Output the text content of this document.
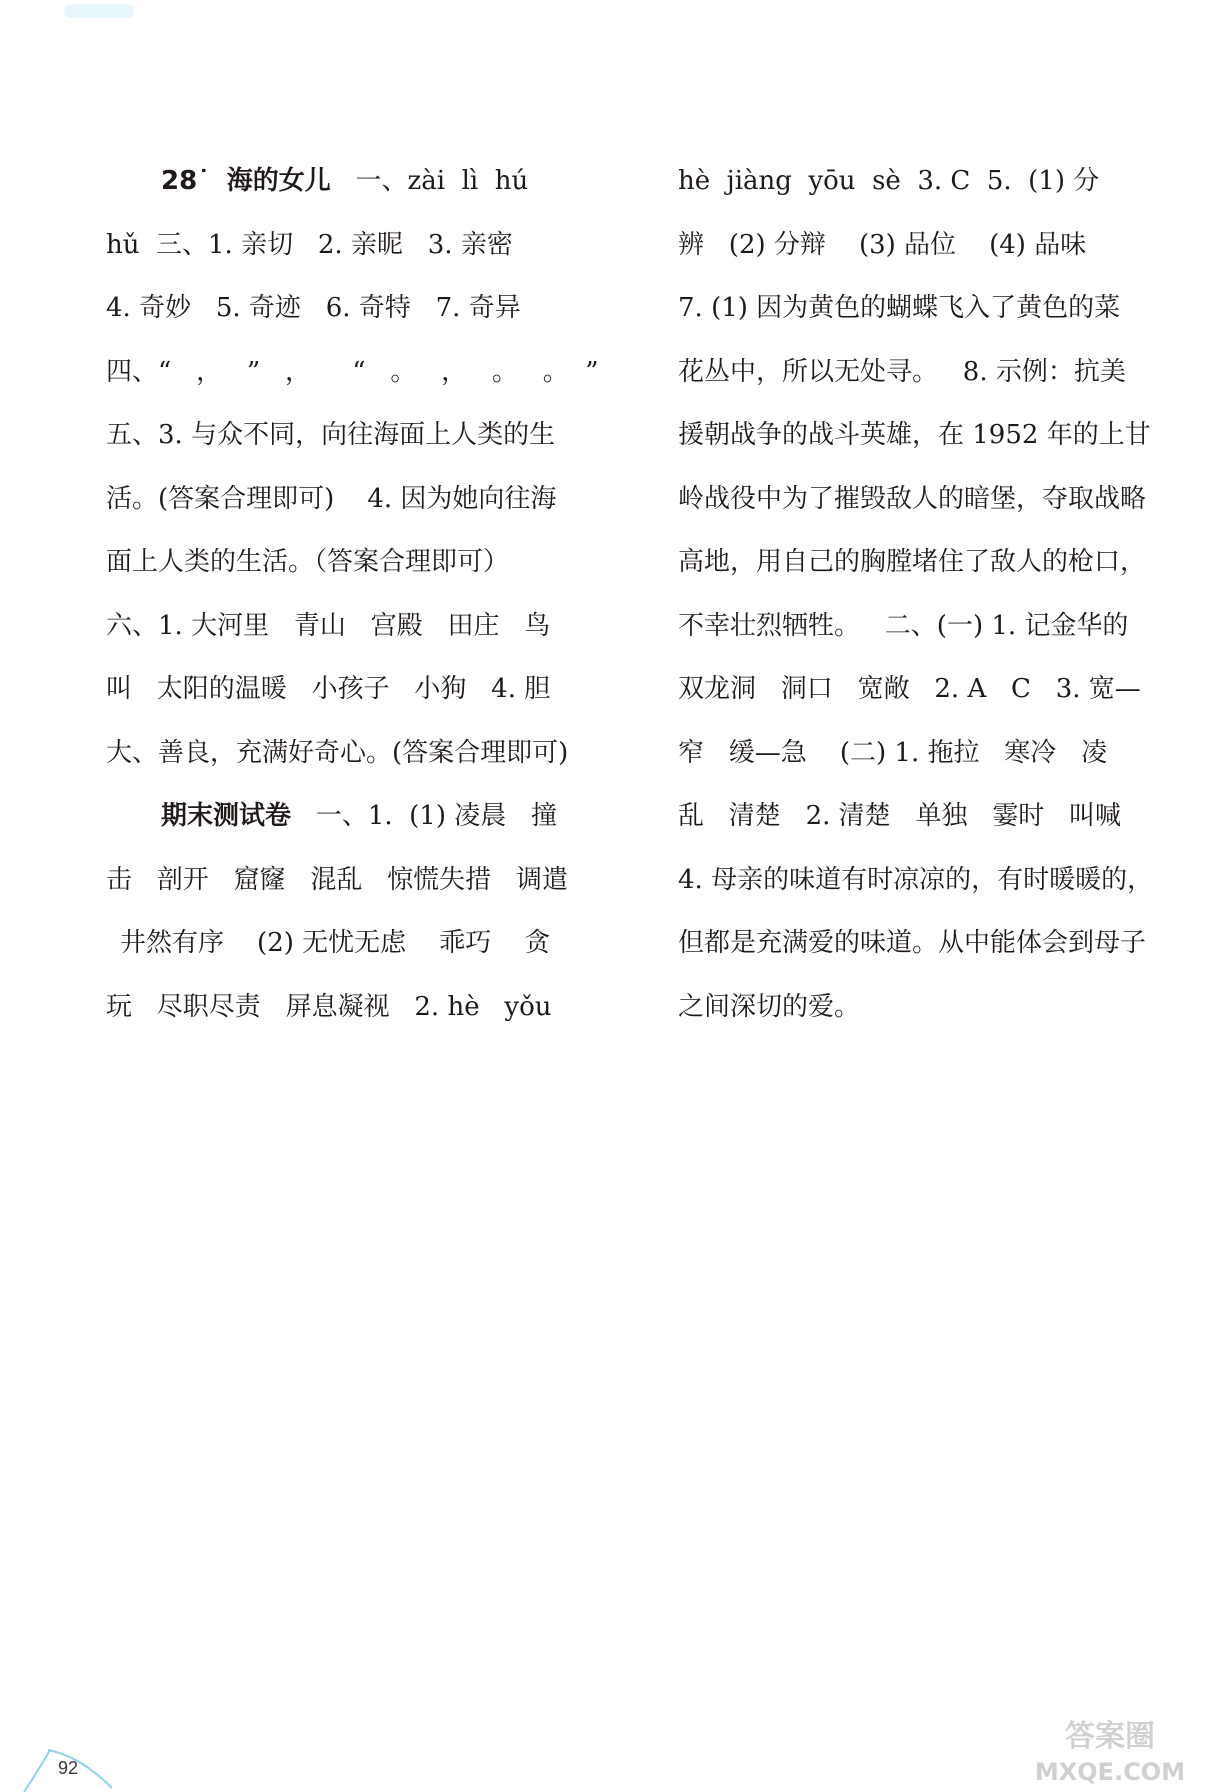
28˙ 海的女儿 一、zài  lì  hú
hǔ  三、1. 亲切   2. 亲昵   3. 亲密
4. 奇妙   5. 奇迹   6. 奇特   7. 奇异
四、“   ，   ”   ，     “   。   ，   。   。  ”
五、3. 与众不同，向往海面上人类的生
活。(答案合理即可)    4. 因为她向往海
面上人类的生活。（答案合理即可）
六、1. 大河里   青山   宫殿   田庄   鸟
叫   太阳的温暖   小孩子   小狗   4. 胆
大、善良，充满好奇心。(答案合理即可)
期末测试卷 一、1.  (1) 凌晨   撞
击   剖开   窟窿   混乱   惊慌失措   调遣
井然有序    (2) 无忧无虑    乖巧    贪
玩   尽职尽责   屏息凝视   2. hè   yǒu
hè  jiàng  yōu  sè  3. C  5.  (1) 分
辨   (2) 分辩    (3) 品位    (4) 品味
7. (1) 因为黄色的蝴蝶飞入了黄色的菜
花丛中，所以无处寻。   8. 示例：抗美
援朝战争的战斗英雄，在 1952 年的上甘
岭战役中为了摧毁敌人的暗堡，夺取战略
高地，用自己的胸膛堵住了敌人的枪口，
不幸壮烈牺牲。   二、(一) 1. 记金华的
双龙洞   洞口   宽敞   2. A   C   3. 宽—
窄   缓—急    (二) 1. 拖拉   寒冷   凌
乱   清楚   2. 清楚   单独   霎时   叫喊
4. 母亲的味道有时凉凉的，有时暖暖的，
但都是充满爱的味道。从中能体会到母子
之间深切的爱。
92
答案圈
MXQE.COM
